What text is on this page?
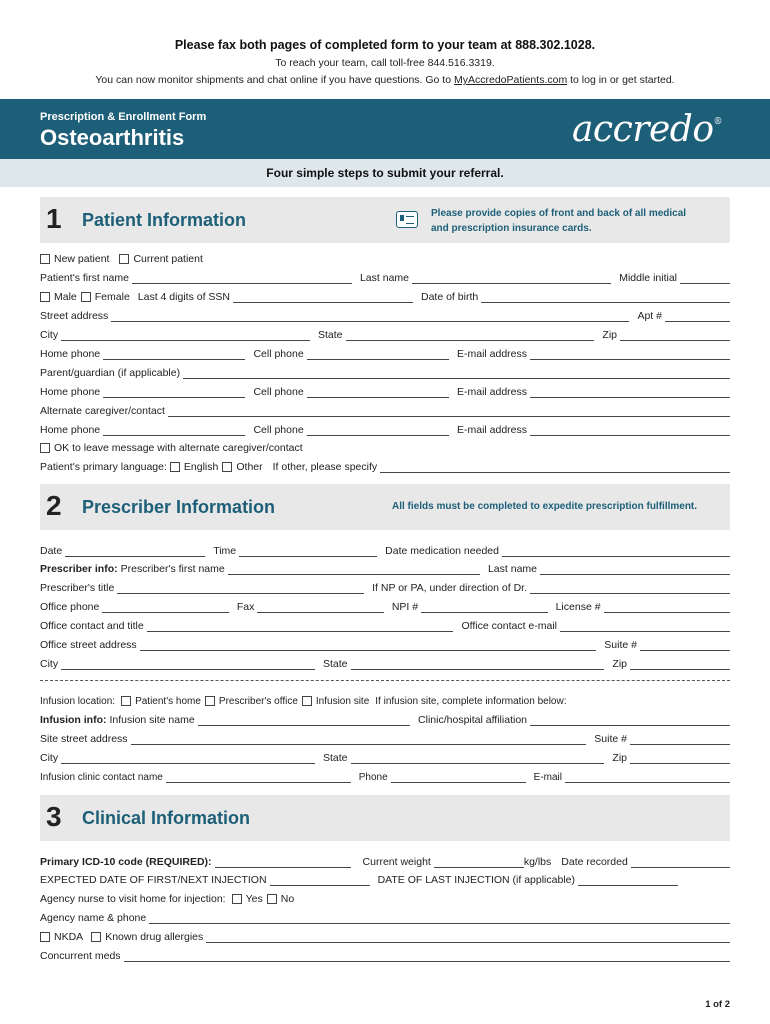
Please fax both pages of completed form to your team at 888.302.1028.
To reach your team, call toll-free 844.516.3319.
You can now monitor shipments and chat online if you have questions. Go to MyAccredoPatients.com to log in or get started.
Prescription & Enrollment Form
Osteoarthritis	accredo®
Four simple steps to submit your referral.
1 Patient Information	Please provide copies of front and back of all medical
and prescription insurance cards.
New patient	Current patient
Patient's first name	Last name	Middle initial
Male	Female Last 4 digits of SSN	Date of birth
Street address	Apt #
City	State	Zip
Home phone	Cell phone	E-mail address
Parent/guardian (if applicable)
Home phone	Cell phone	E-mail address
Alternate caregiver/contact
Home phone	Cell phone	E-mail address
OK to leave message with alternate caregiver/contact
Patient's primary language: English	Other If other, please specify
2 Prescriber Information	All fields must be completed to expedite prescription fulfillment.
Date	Time	Date medication needed
Prescriber info: Prescriber's first name	Last name
Prescriber's title	If NP or PA, under direction of Dr.
Office phone	Fax	NPI #	License #
Office contact and title	Office contact e-mail
Office street address	Suite #
City	State	Zip
Infusion location:	Patient's home	Prescriber's office	Infusion site If infusion site, complete information below:
Infusion info: Infusion site name	Clinic/hospital affiliation
Site street address	Suite #
City	State	Zip
Infusion clinic contact name	Phone	E-mail
3 Clinical Information
Primary ICD-10 code (REQUIRED):	Current weight	kg/lbs Date recorded
EXPECTED DATE OF FIRST/NEXT INJECTION	DATE OF LAST INJECTION (if applicable)
Agency nurse to visit home for injection:	Yes	No
Agency name & phone
NKDA	Known drug allergies
Concurrent meds
1 of 2
